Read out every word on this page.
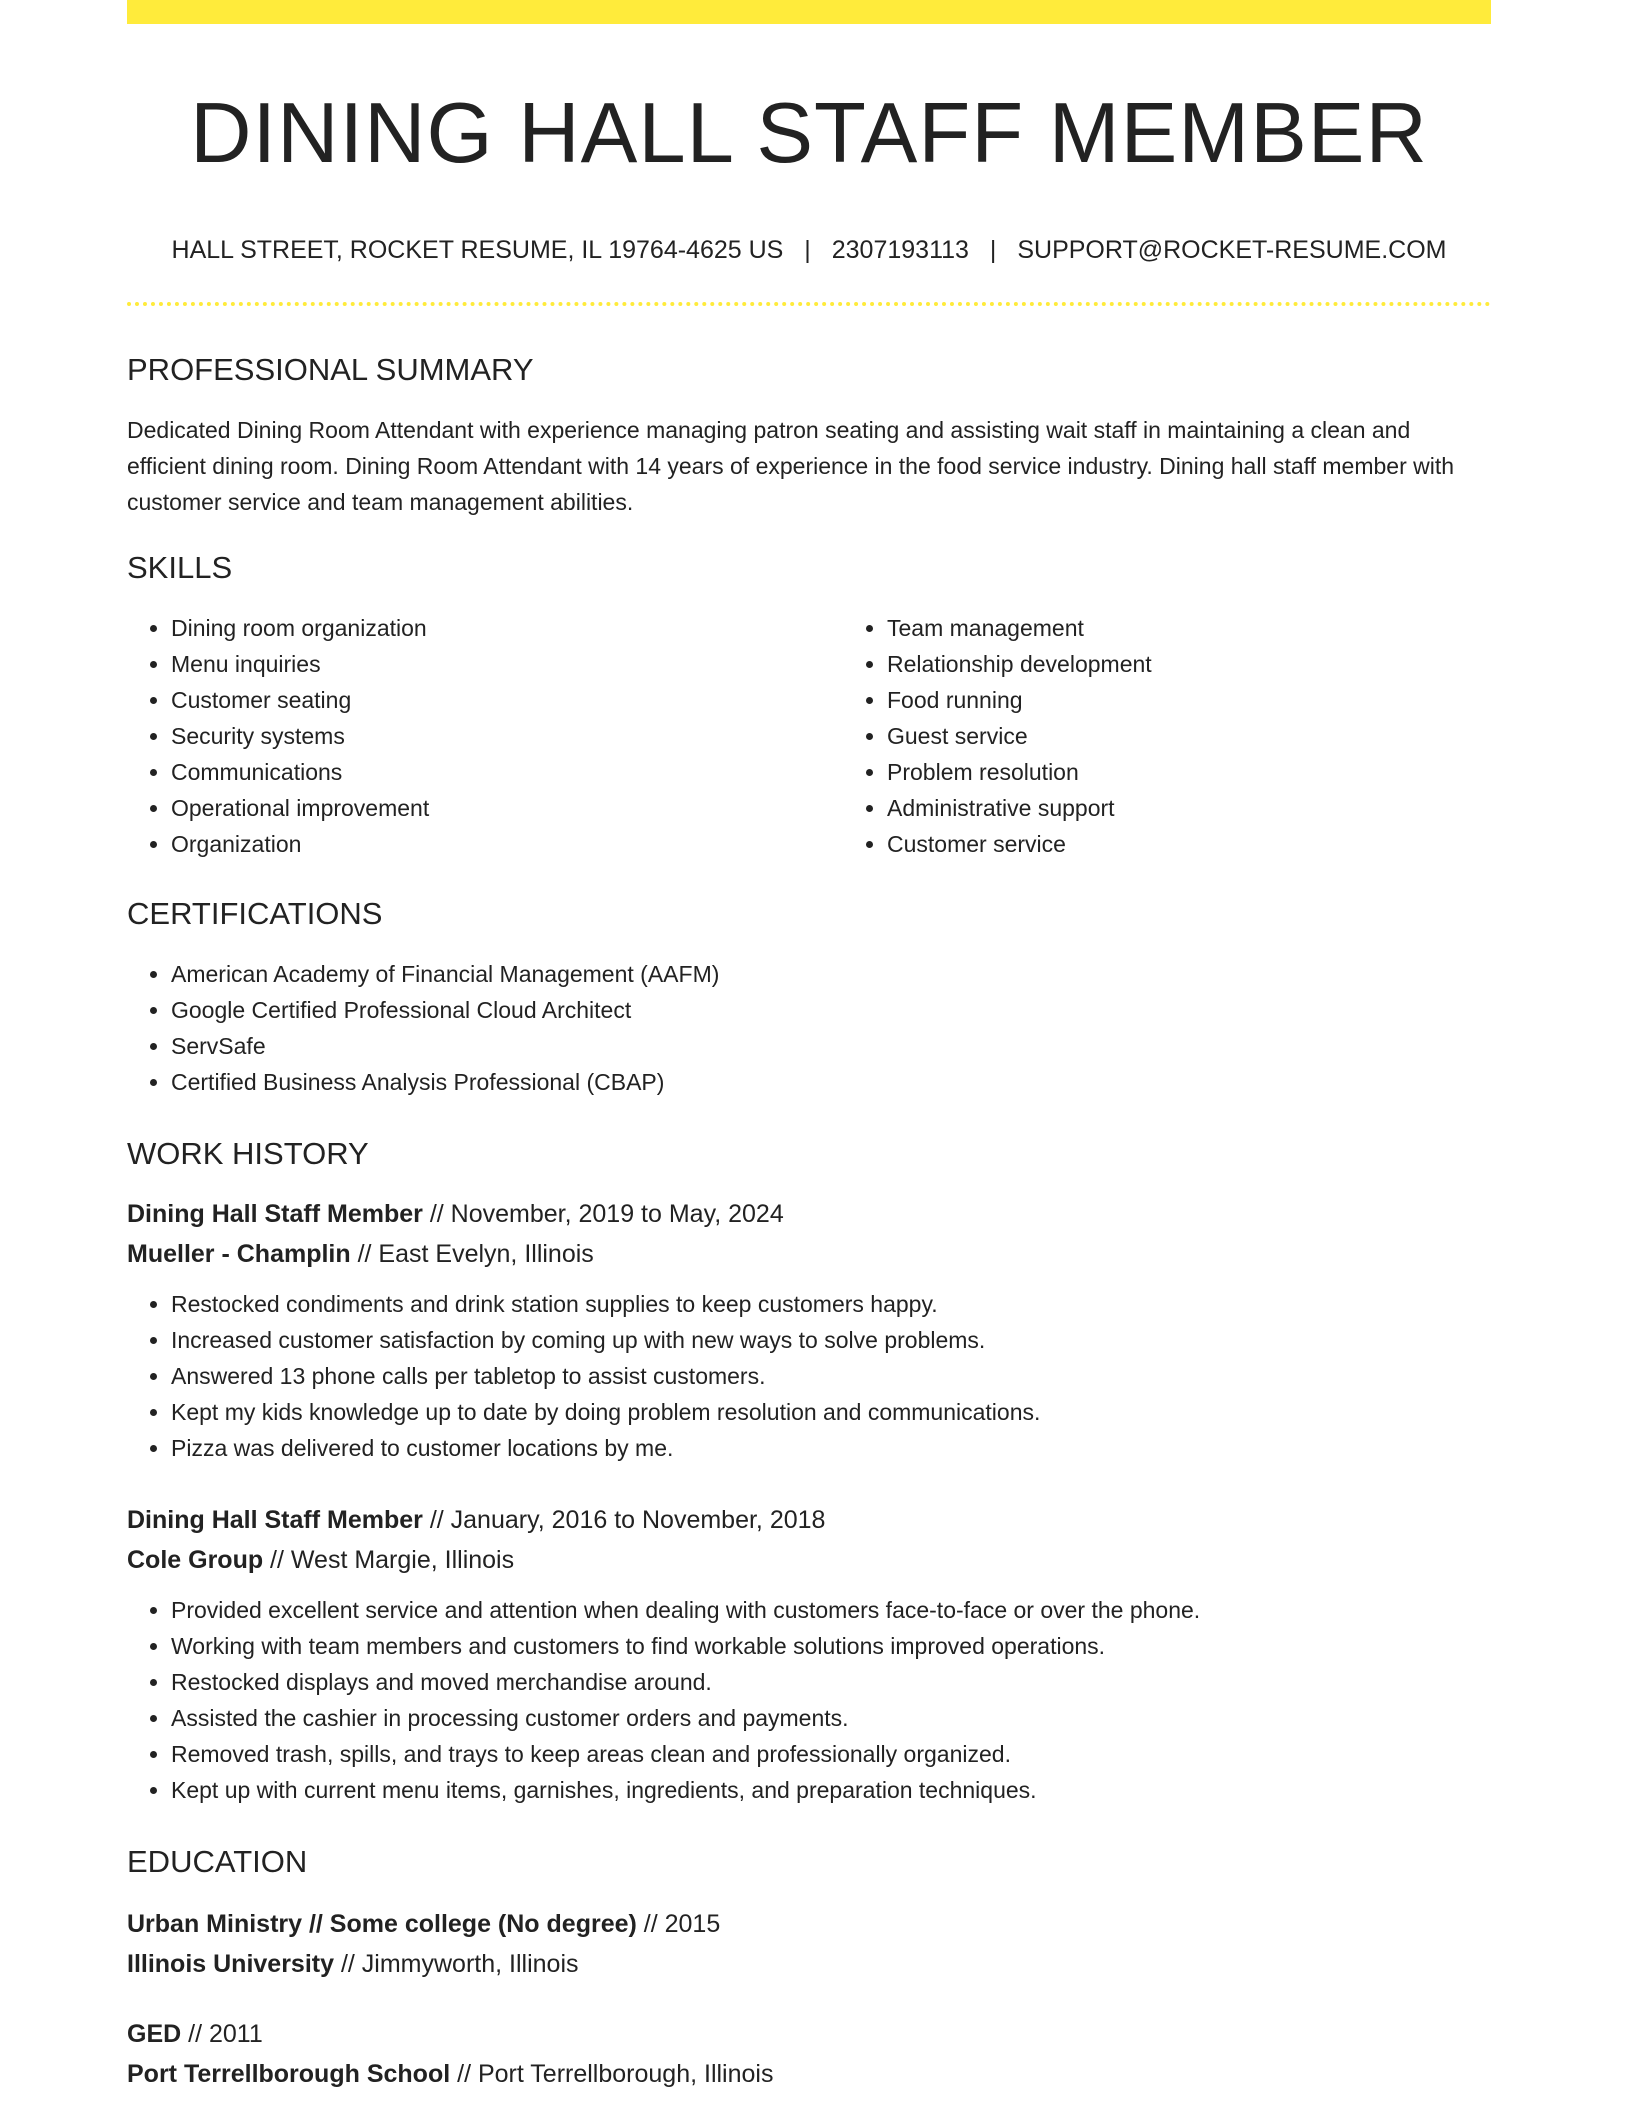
DINING HALL STAFF MEMBER
HALL STREET, ROCKET RESUME, IL 19764-4625 US | 2307193113 | SUPPORT@ROCKET-RESUME.COM
PROFESSIONAL SUMMARY

Dedicated Dining Room Attendant with experience managing patron seating and assisting wait staff in maintaining a clean and efficient dining room. Dining Room Attendant with 14 years of experience in the food service industry. Dining hall staff member with customer service and team management abilities.

SKILLS
• Dining room organization
• Menu inquiries
• Customer seating
• Security systems
• Communications
• Operational improvement
• Organization
• Team management
• Relationship development
• Food running
• Guest service
• Problem resolution
• Administrative support
• Customer service
CERTIFICATIONS
• American Academy of Financial Management (AAFM)
• Google Certified Professional Cloud Architect
• ServSafe
• Certified Business Analysis Professional (CBAP)
WORK HISTORY

Dining Hall Staff Member // November, 2019 to May, 2024

Mueller - Champlin // East Evelyn, Illinois

• Restocked condiments and drink station supplies to keep customers happy.
• Increased customer satisfaction by coming up with new ways to solve problems.
• Answered 13 phone calls per tabletop to assist customers.
• Kept my kids knowledge up to date by doing problem resolution and communications.
• Pizza was delivered to customer locations by me.

Dining Hall Staff Member // January, 2016 to November, 2018

Cole Group // West Margie, Illinois

• Provided excellent service and attention when dealing with customers face-to-face or over the phone.
• Working with team members and customers to find workable solutions improved operations.
• Restocked displays and moved merchandise around.
• Assisted the cashier in processing customer orders and payments.
• Removed trash, spills, and trays to keep areas clean and professionally organized.
• Kept up with current menu items, garnishes, ingredients, and preparation techniques.
EDUCATION

Urban Ministry // Some college (No degree) // 2015

Illinois University // Jimmyworth, Illinois

GED // 2011

Port Terrellborough School // Port Terrellborough, Illinois
